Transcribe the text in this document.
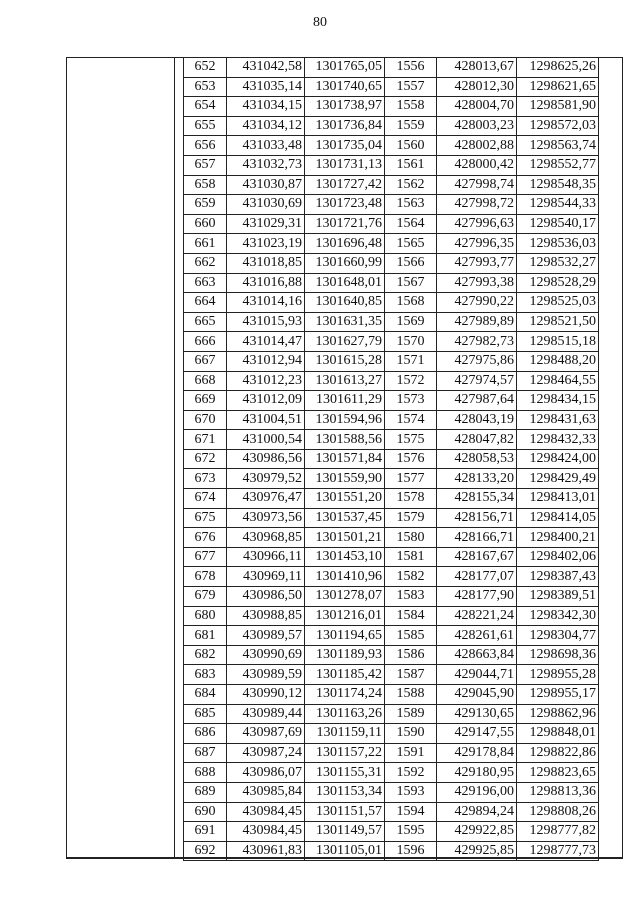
80
652	431042,58	1301765,05	1556	428013,67	1298625,26
653	431035,14	1301740,65	1557	428012,30	1298621,65
654	431034,15	1301738,97	1558	428004,70	1298581,90
655	431034,12	1301736,84	1559	428003,23	1298572,03
656	431033,48	1301735,04	1560	428002,88	1298563,74
657	431032,73	1301731,13	1561	428000,42	1298552,77
658	431030,87	1301727,42	1562	427998,74	1298548,35
659	431030,69	1301723,48	1563	427998,72	1298544,33
660	431029,31	1301721,76	1564	427996,63	1298540,17
661	431023,19	1301696,48	1565	427996,35	1298536,03
662	431018,85	1301660,99	1566	427993,77	1298532,27
663	431016,88	1301648,01	1567	427993,38	1298528,29
664	431014,16	1301640,85	1568	427990,22	1298525,03
665	431015,93	1301631,35	1569	427989,89	1298521,50
666	431014,47	1301627,79	1570	427982,73	1298515,18
667	431012,94	1301615,28	1571	427975,86	1298488,20
668	431012,23	1301613,27	1572	427974,57	1298464,55
669	431012,09	1301611,29	1573	427987,64	1298434,15
670	431004,51	1301594,96	1574	428043,19	1298431,63
671	431000,54	1301588,56	1575	428047,82	1298432,33
672	430986,56	1301571,84	1576	428058,53	1298424,00
673	430979,52	1301559,90	1577	428133,20	1298429,49
674	430976,47	1301551,20	1578	428155,34	1298413,01
675	430973,56	1301537,45	1579	428156,71	1298414,05
676	430968,85	1301501,21	1580	428166,71	1298400,21
677	430966,11	1301453,10	1581	428167,67	1298402,06
678	430969,11	1301410,96	1582	428177,07	1298387,43
679	430986,50	1301278,07	1583	428177,90	1298389,51
680	430988,85	1301216,01	1584	428221,24	1298342,30
681	430989,57	1301194,65	1585	428261,61	1298304,77
682	430990,69	1301189,93	1586	428663,84	1298698,36
683	430989,59	1301185,42	1587	429044,71	1298955,28
684	430990,12	1301174,24	1588	429045,90	1298955,17
685	430989,44	1301163,26	1589	429130,65	1298862,96
686	430987,69	1301159,11	1590	429147,55	1298848,01
687	430987,24	1301157,22	1591	429178,84	1298822,86
688	430986,07	1301155,31	1592	429180,95	1298823,65
689	430985,84	1301153,34	1593	429196,00	1298813,36
690	430984,45	1301151,57	1594	429894,24	1298808,26
691	430984,45	1301149,57	1595	429922,85	1298777,82
692	430961,83	1301105,01	1596	429925,85	1298777,73
